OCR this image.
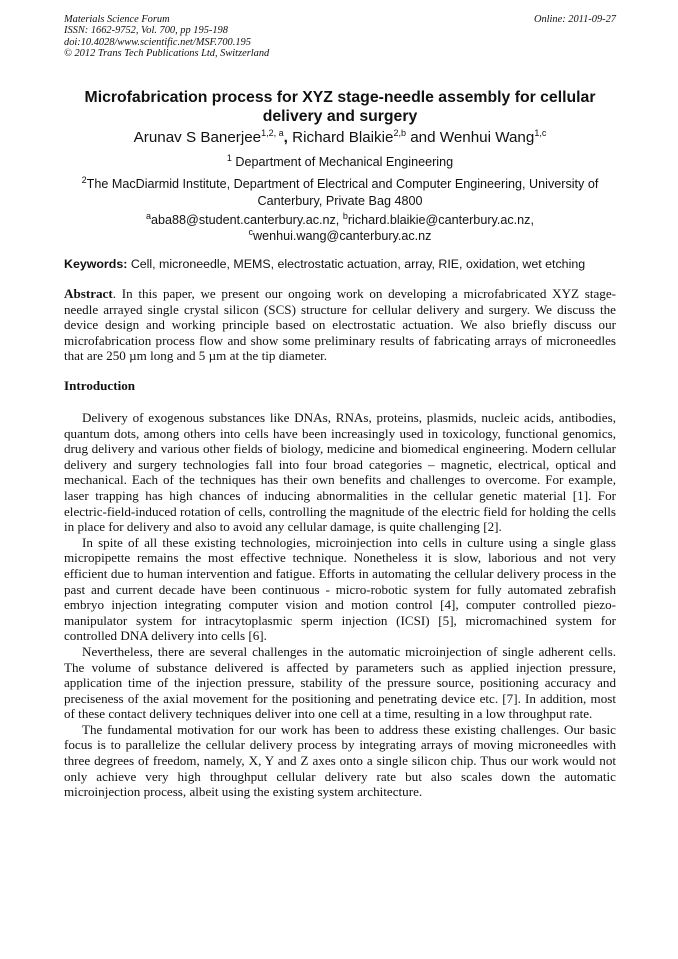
Materials Science Forum
ISSN: 1662-9752, Vol. 700, pp 195-198
doi:10.4028/www.scientific.net/MSF.700.195
© 2012 Trans Tech Publications Ltd, Switzerland
Online: 2011-09-27
Microfabrication process for XYZ stage-needle assembly for cellular delivery and surgery
Arunav S Banerjee$^{1,2, a}$, Richard Blaikie$^{2,b}$ and Wenhui Wang$^{1,c}$
$^1$ Department of Mechanical Engineering
$^2$The MacDiarmid Institute, Department of Electrical and Computer Engineering, University of Canterbury, Private Bag 4800
$^a$aba88@student.canterbury.ac.nz, $^b$richard.blaikie@canterbury.ac.nz,
$^c$wenhui.wang@canterbury.ac.nz
Keywords: Cell, microneedle, MEMS, electrostatic actuation, array, RIE, oxidation, wet etching
Abstract. In this paper, we present our ongoing work on developing a microfabricated XYZ stage-needle arrayed single crystal silicon (SCS) structure for cellular delivery and surgery. We discuss the device design and working principle based on electrostatic actuation. We also briefly discuss our microfabrication process flow and show some preliminary results of fabricating arrays of microneedles that are 250 µm long and 5 µm at the tip diameter.
Introduction

Delivery of exogenous substances like DNAs, RNAs, proteins, plasmids, nucleic acids, antibodies, quantum dots, among others into cells have been increasingly used in toxicology, functional genomics, drug delivery and various other fields of biology, medicine and biomedical engineering. Modern cellular delivery and surgery technologies fall into four broad categories – magnetic, electrical, optical and mechanical. Each of the techniques has their own benefits and challenges to overcome. For example, laser trapping has high chances of inducing abnormalities in the cellular genetic material [1]. For electric-field-induced rotation of cells, controlling the magnitude of the electric field for holding the cells in place for delivery and also to avoid any cellular damage, is quite challenging [2].

In spite of all these existing technologies, microinjection into cells in culture using a single glass micropipette remains the most effective technique. Nonetheless it is slow, laborious and not very efficient due to human intervention and fatigue. Efforts in automating the cellular delivery process in the past and current decade have been continuous - micro-robotic system for fully automated zebrafish embryo injection integrating computer vision and motion control [4], computer controlled piezo-manipulator system for intracytoplasmic sperm injection (ICSI) [5], micromachined system for controlled DNA delivery into cells [6].

Nevertheless, there are several challenges in the automatic microinjection of single adherent cells. The volume of substance delivered is affected by parameters such as applied injection pressure, application time of the injection pressure, stability of the pressure source, positioning accuracy and preciseness of the axial movement for the positioning and penetrating device etc. [7]. In addition, most of these contact delivery techniques deliver into one cell at a time, resulting in a low throughput rate.

The fundamental motivation for our work has been to address these existing challenges. Our basic focus is to parallelize the cellular delivery process by integrating arrays of moving microneedles with three degrees of freedom, namely, X, Y and Z axes onto a single silicon chip. Thus our work would not only achieve very high throughput cellular delivery rate but also scales down the automatic microinjection process, albeit using the existing system architecture.
